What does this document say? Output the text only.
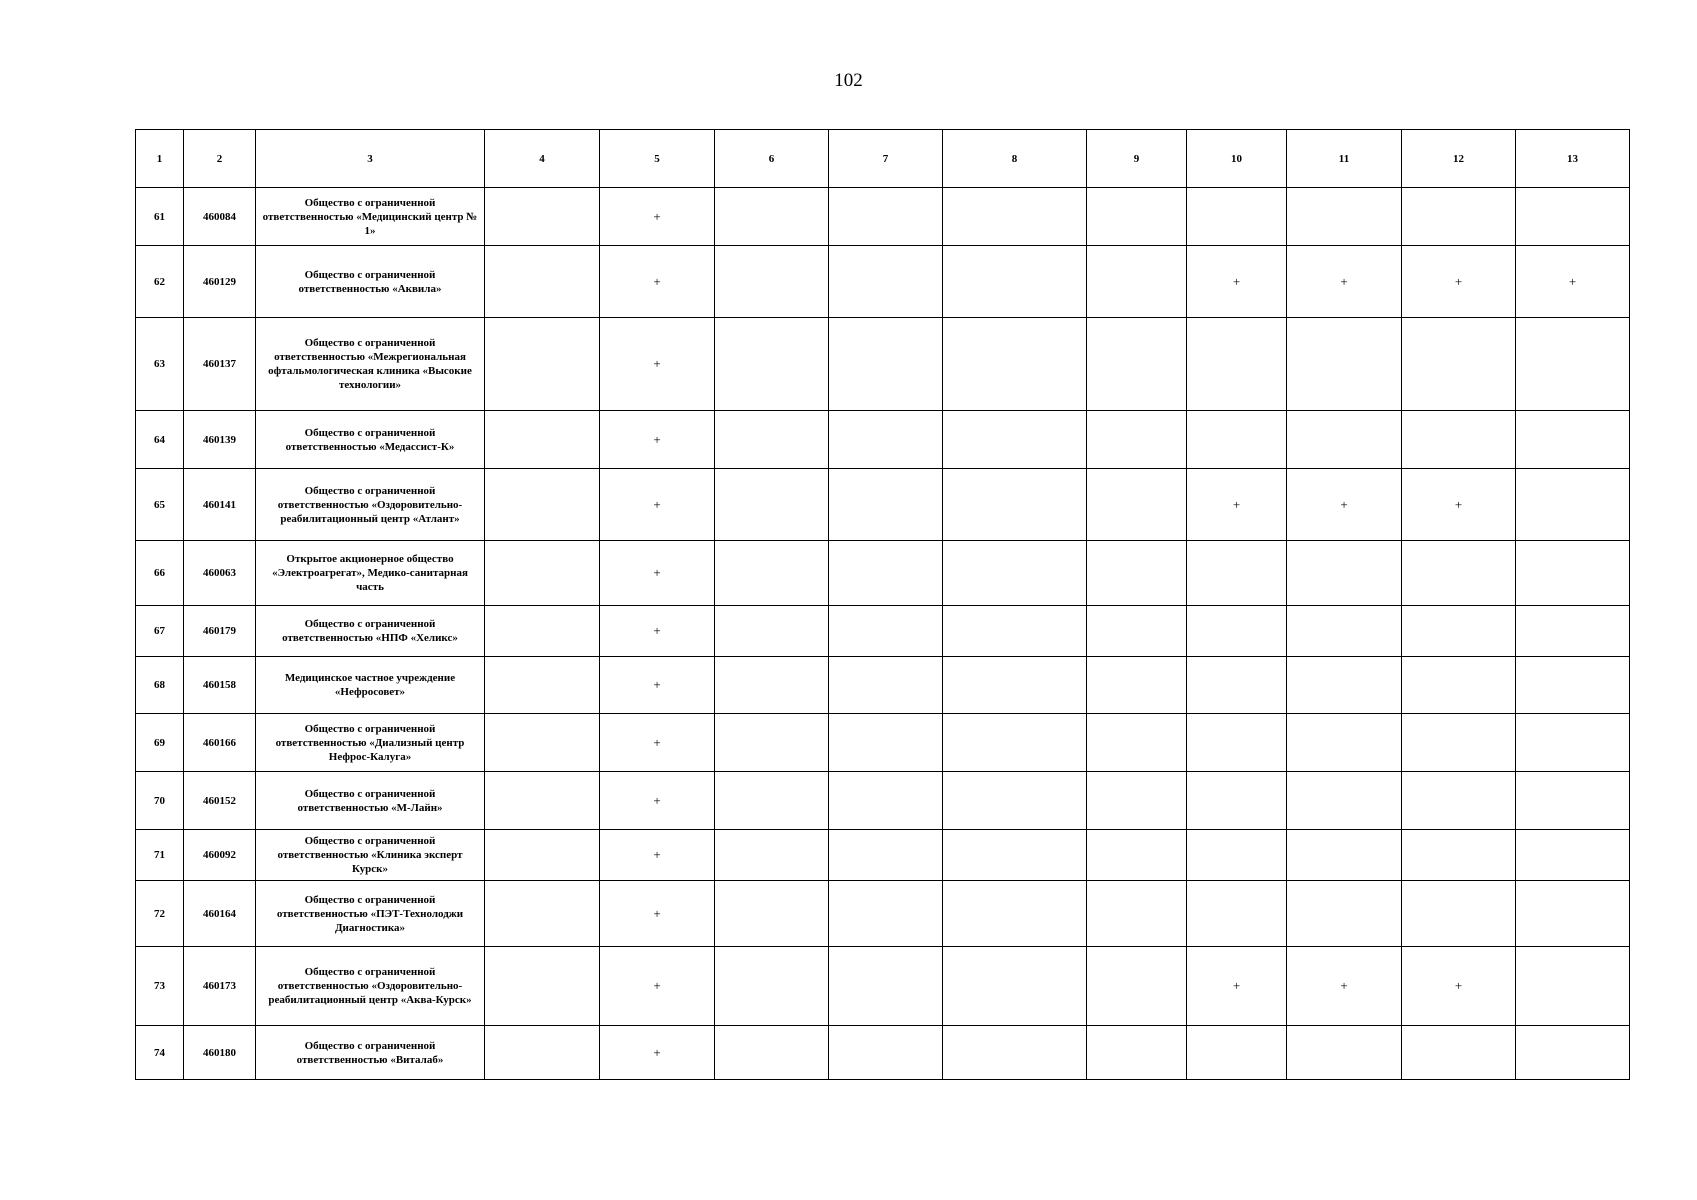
102
1	2	3	4	5	6	7	8	9	10	11	12	13
61	460084	Общество с ограниченной ответственностью «Медицинский центр № 1»		+								
62	460129	Общество с ограниченной ответственностью «Аквила»		+					+	+	+	+
63	460137	Общество с ограниченной ответственностью «Межрегиональная офтальмологическая клиника «Высокие технологии»		+								
64	460139	Общество с ограниченной ответственностью «Медассист-К»		+								
65	460141	Общество с ограниченной ответственностью «Оздоровительно-реабилитационный центр «Атлант»		+					+	+	+	
66	460063	Открытое акционерное общество «Электроагрегат», Медико-санитарная часть		+								
67	460179	Общество с ограниченной ответственностью «НПФ «Хеликс»		+								
68	460158	Медицинское частное учреждение «Нефросовет»		+								
69	460166	Общество с ограниченной ответственностью «Диализный центр Нефрос-Калуга»		+								
70	460152	Общество с ограниченной ответственностью «М-Лайн»		+								
71	460092	Общество с ограниченной ответственностью «Клиника эксперт Курск»		+								
72	460164	Общество с ограниченной ответственностью «ПЭТ-Технолоджи Диагностика»		+								
73	460173	Общество с ограниченной ответственностью «Оздоровительно-реабилитационный центр «Аква-Курск»		+					+	+	+	
74	460180	Общество с ограниченной ответственностью «Виталаб»		+								
